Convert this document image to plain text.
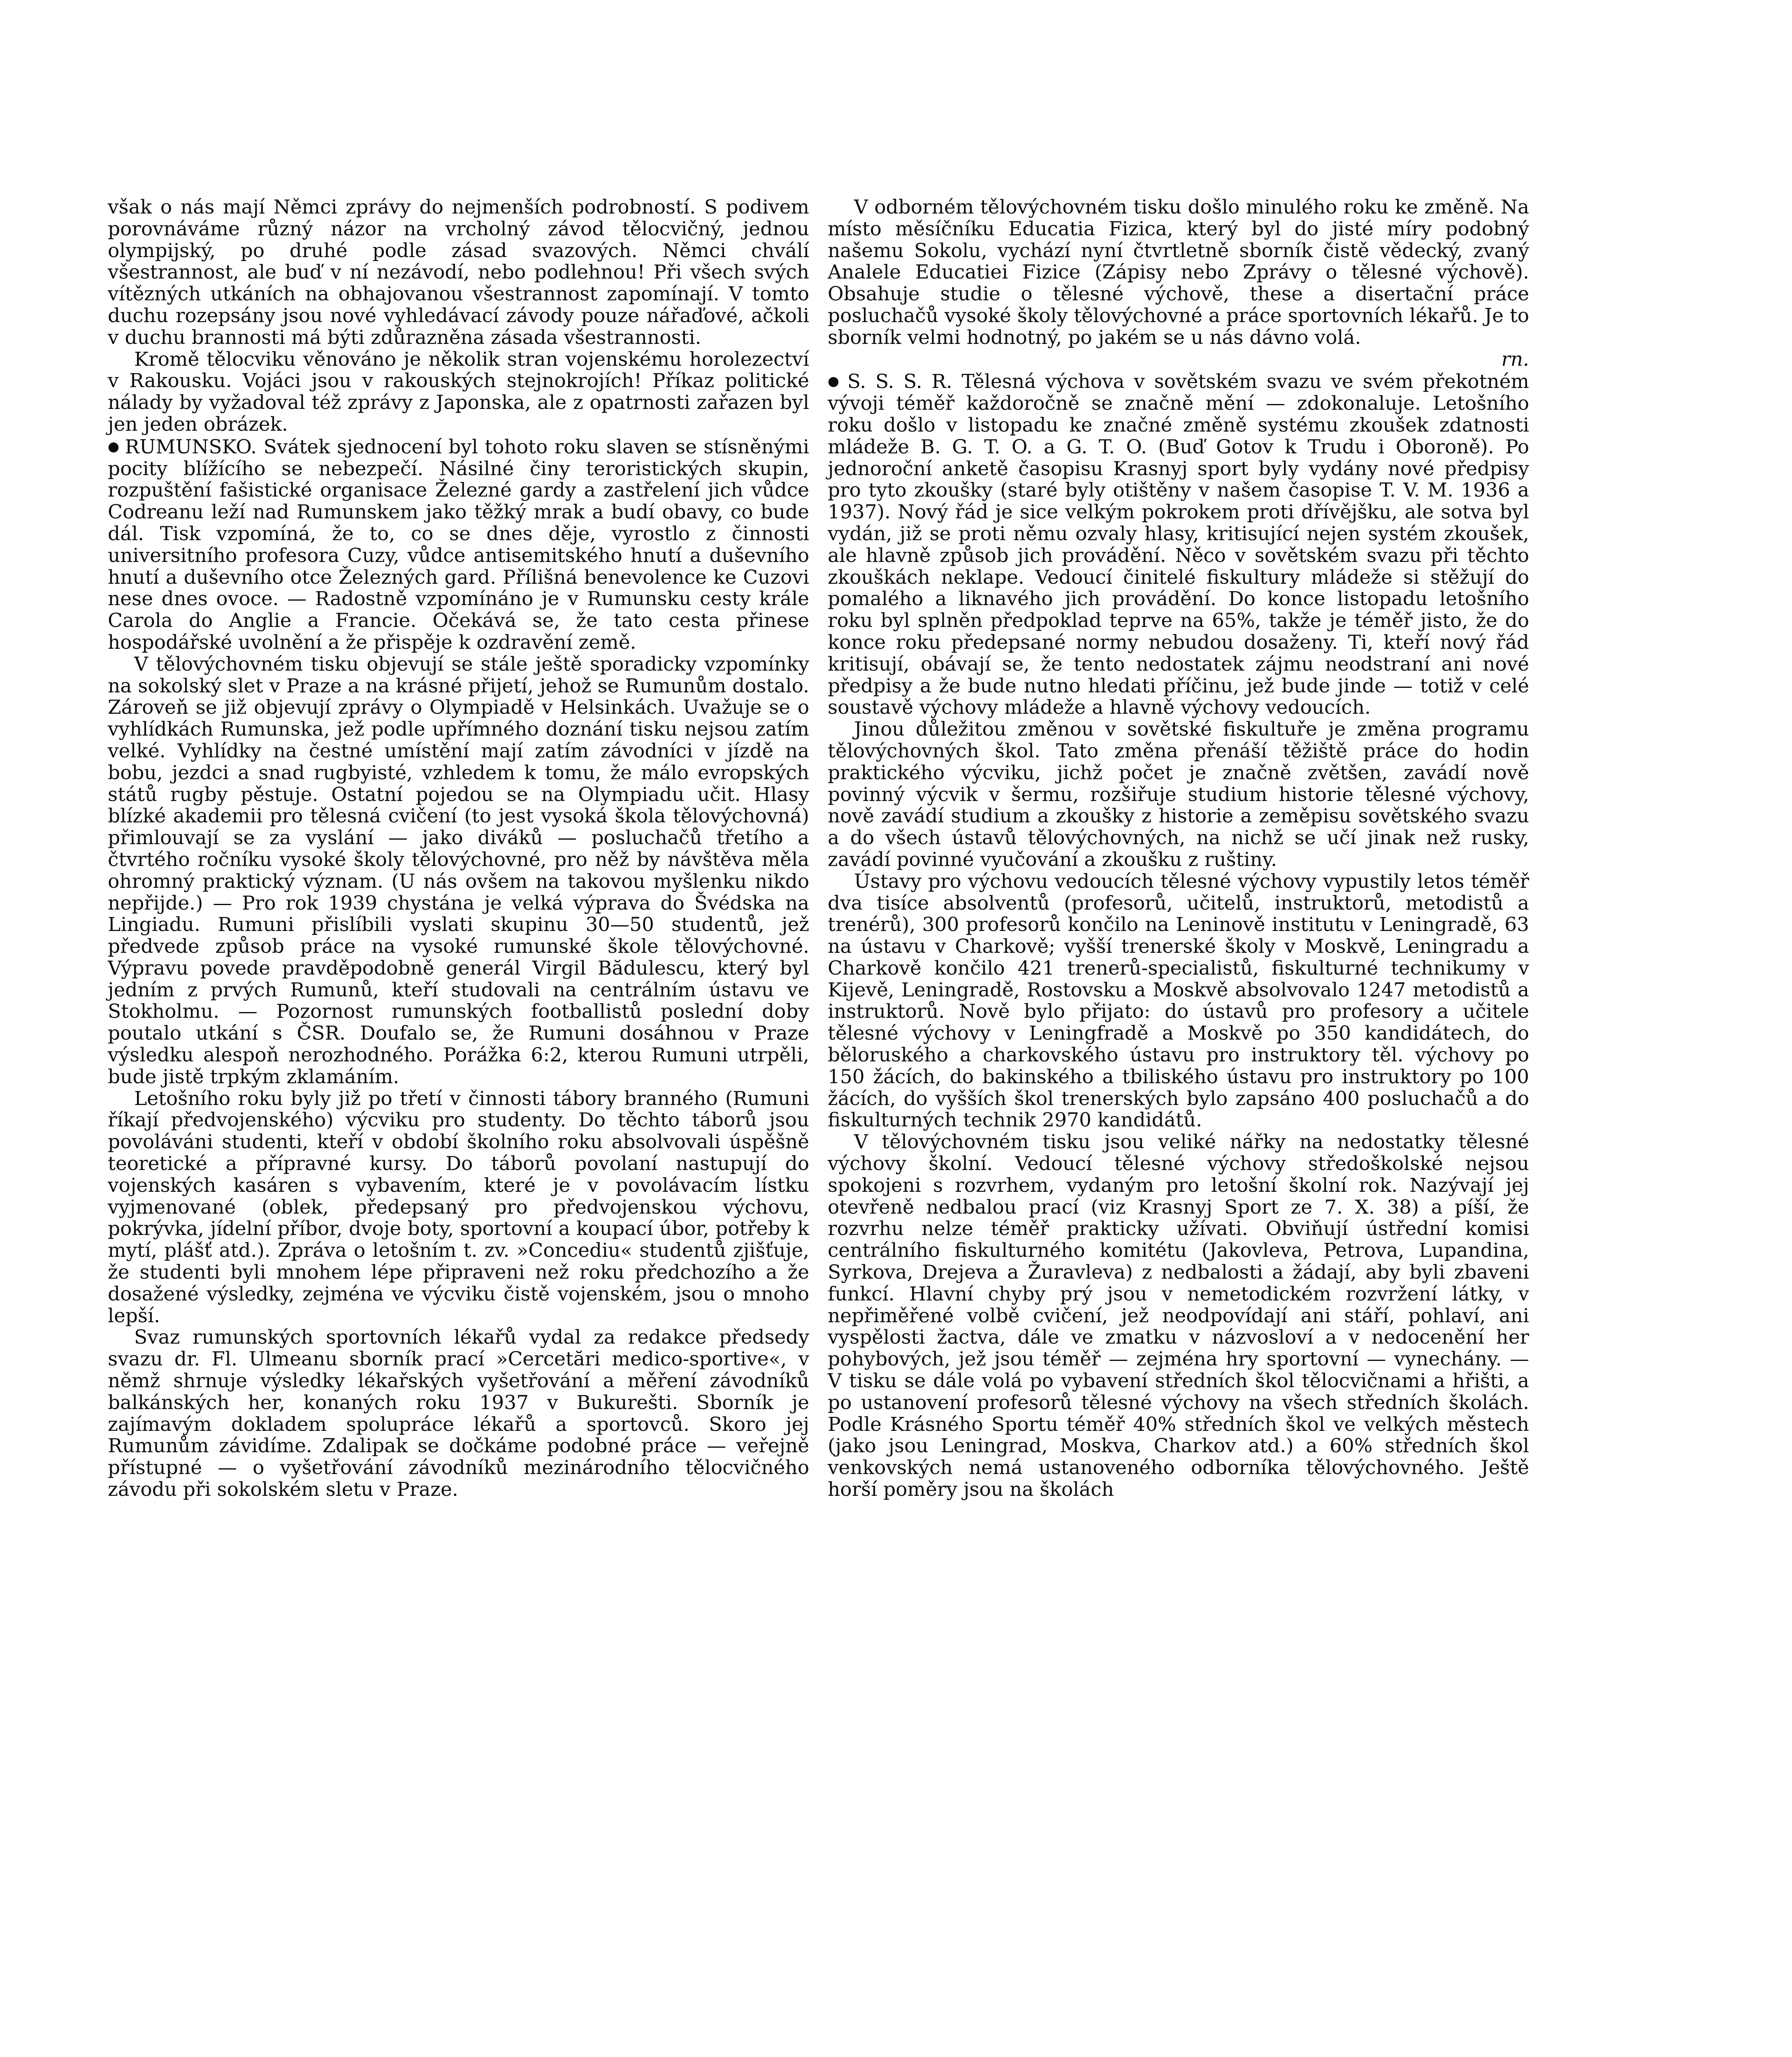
však o nás mají Němci zprávy do nejmenších podrobností. S podivem porovnáváme různý názor na vrcholný závod tělocvičný, jednou olympijský, po druhé podle zásad svazových. Němci chválí všestrannost, ale buď v ní nezávodí, nebo podlehnou! Při všech svých vítězných utkáních na obhajovanou všestrannost zapomínají. V tomto duchu rozepsány jsou nové vyhledávací závody pouze nářaďové, ačkoli v duchu brannosti má býti zdůrazněna zásada všestrannosti.

Kromě tělocviku věnováno je několik stran vojenskému horolezectví v Rakousku. Vojáci jsou v rakouských stejnokrojích! Příkaz politické nálady by vyžadoval též zprávy z Japonska, ale z opatrnosti zařazen byl jen jeden obrázek.

● RUMUNSKO. Svátek sjednocení byl tohoto roku slaven se stísněnými pocity blížícího se nebezpečí. Násilné činy teroristických skupin, rozpuštění fašistické organisace Železné gardy a zastřelení jich vůdce Codreanu leží nad Rumunskem jako těžký mrak a budí obavy, co bude dál. Tisk vzpomíná, že to, co se dnes děje, vyrostlo z činnosti universitního profesora Cuzy, vůdce antisemitského hnutí a duševního hnutí a duševního otce Železných gard. Přílišná benevolence ke Cuzovi nese dnes ovoce. — Radostně vzpomínáno je v Rumunsku cesty krále Carola do Anglie a Francie. Očekává se, že tato cesta přinese hospodářské uvolnění a že přispěje k ozdravění země.

V tělovýchovném tisku objevují se stále ještě sporadicky vzpomínky na sokolský slet v Praze a na krásné přijetí, jehož se Rumunům dostalo. Zároveň se již objevují zprávy o Olympiadě v Helsinkách. Uvažuje se o vyhlídkách Rumunska, jež podle upřímného doznání tisku nejsou zatím velké. Vyhlídky na čestné umístění mají zatím závodníci v jízdě na bobu, jezdci a snad rugbyisté, vzhledem k tomu, že málo evropských států rugby pěstuje. Ostatní pojedou se na Olympiadu učit. Hlasy blízké akademii pro tělesná cvičení (to jest vysoká škola tělovýchovná) přimlouvají se za vyslání — jako diváků — posluchačů třetího a čtvrtého ročníku vysoké školy tělovýchovné, pro něž by návštěva měla ohromný praktický význam. (U nás ovšem na takovou myšlenku nikdo nepřijde.) — Pro rok 1939 chystána je velká výprava do Švédska na Lingiadu. Rumuni přislíbili vyslati skupinu 30—50 studentů, jež předvede způsob práce na vysoké rumunské škole tělovýchovné. Výpravu povede pravděpodobně generál Virgil Bădulescu, který byl jedním z prvých Rumunů, kteří studovali na centrálním ústavu ve Stokholmu. — Pozornost rumunských footballistů poslední doby poutalo utkání s ČSR. Doufalo se, že Rumuni dosáhnou v Praze výsledku alespoň nerozhodného. Porážka 6:2, kterou Rumuni utrpěli, bude jistě trpkým zklamáním.

Letošního roku byly již po třetí v činnosti tábory branného (Rumuni říkají předvojenského) výcviku pro studenty. Do těchto táborů jsou povoláváni studenti, kteří v období školního roku absolvovali úspěšně teoretické a přípravné kursy. Do táborů povolaní nastupují do vojenských kasáren s vybavením, které je v povolávacím lístku vyjmenované (oblek, předepsaný pro předvojenskou výchovu, pokrývka, jídelní příbor, dvoje boty, sportovní a koupací úbor, potřeby k mytí, plášť atd.). Zpráva o letošním t. zv. »Concediu« studentů zjišťuje, že studenti byli mnohem lépe připraveni než roku předchozího a že dosažené výsledky, zejména ve výcviku čistě vojenském, jsou o mnoho lepší.

Svaz rumunských sportovních lékařů vydal za redakce předsedy svazu dr. Fl. Ulmeanu sborník prací »Cercetări medico-sportive«, v němž shrnuje výsledky lékařských vyšetřování a měření závodníků balkánských her, konaných roku 1937 v Bukurešti. Sborník je zajímavým dokladem spolupráce lékařů a sportovců. Skoro jej Rumunům závidíme. Zdalipak se dočkáme podobné práce — veřejně přístupné — o vyšetřování závodníků mezinárodního tělocvičného závodu při sokolském sletu v Praze.

V odborném tělovýchovném tisku došlo minulého roku ke změně. Na místo měsíčníku Educatia Fizica, který byl do jisté míry podobný našemu Sokolu, vychází nyní čtvrtletně sborník čistě vědecký, zvaný Analele Educatiei Fizice (Zápisy nebo Zprávy o tělesné výchově). Obsahuje studie o tělesné výchově, these a disertační práce posluchačů vysoké školy tělovýchovné a práce sportovních lékařů. Je to sborník velmi hodnotný, po jakém se u nás dávno volá.

rn.

● S. S. S. R. Tělesná výchova v sovětském svazu ve svém překotném vývoji téměř každoročně se značně mění — zdokonaluje. Letošního roku došlo v listopadu ke značné změně systému zkoušek zdatnosti mládeže B. G. T. O. a G. T. O. (Buď Gotov k Trudu i Oboroně). Po jednoroční anketě časopisu Krasnyj sport byly vydány nové předpisy pro tyto zkoušky (staré byly otištěny v našem časopise T. V. M. 1936 a 1937). Nový řád je sice velkým pokrokem proti dřívějšku, ale sotva byl vydán, již se proti němu ozvaly hlasy, kritisující nejen systém zkoušek, ale hlavně způsob jich provádění. Něco v sovětském svazu při těchto zkouškách neklape. Vedoucí činitelé fiskultury mládeže si stěžují do pomalého a liknavého jich provádění. Do konce listopadu letošního roku byl splněn předpoklad teprve na 65%, takže je téměř jisto, že do konce roku předepsané normy nebudou dosaženy. Ti, kteří nový řád kritisují, obávají se, že tento nedostatek zájmu neodstraní ani nové předpisy a že bude nutno hledati příčinu, jež bude jinde — totiž v celé soustavě výchovy mládeže a hlavně výchovy vedoucích.

Jinou důležitou změnou v sovětské fiskultuře je změna programu tělovýchovných škol. Tato změna přenáší těžiště práce do hodin praktického výcviku, jichž počet je značně zvětšen, zavádí nově povinný výcvik v šermu, rozšiřuje studium historie tělesné výchovy, nově zavádí studium a zkoušky z historie a zeměpisu sovětského svazu a do všech ústavů tělovýchovných, na nichž se učí jinak než rusky, zavádí povinné vyučování a zkoušku z ruštiny.

Ústavy pro výchovu vedoucích tělesné výchovy vypustily letos téměř dva tisíce absolventů (profesorů, učitelů, instruktorů, metodistů a trenérů), 300 profesorů končilo na Leninově institutu v Leningradě, 63 na ústavu v Charkově; vyšší trenerské školy v Moskvě, Leningradu a Charkově končilo 421 trenerů-specialistů, fiskulturné technikumy v Kijevě, Leningradě, Rostovsku a Moskvě absolvovalo 1247 metodistů a instruktorů. Nově bylo přijato: do ústavů pro profesory a učitele tělesné výchovy v Leningfradě a Moskvě po 350 kandidátech, do běloruského a charkovského ústavu pro instruktory těl. výchovy po 150 žácích, do bakinského a tbiliského ústavu pro instruktory po 100 žácích, do vyšších škol trenerských bylo zapsáno 400 posluchačů a do fiskulturných technik 2970 kandidátů.

V tělovýchovném tisku jsou veliké nářky na nedostatky tělesné výchovy školní. Vedoucí tělesné výchovy středoškolské nejsou spokojeni s rozvrhem, vydaným pro letošní školní rok. Nazývají jej otevřeně nedbalou prací (viz Krasnyj Sport ze 7. X. 38) a píší, že rozvrhu nelze téměř prakticky užívati. Obviňují ústřední komisi centrálního fiskulturného komitétu (Jakovleva, Petrova, Lupandina, Syrkova, Drejeva a Žuravleva) z nedbalosti a žádají, aby byli zbaveni funkcí. Hlavní chyby prý jsou v nemetodickém rozvržení látky, v nepřiměřené volbě cvičení, jež neodpovídají ani stáří, pohlaví, ani vyspělosti žactva, dále ve zmatku v názvosloví a v nedocenění her pohybových, jež jsou téměř — zejména hry sportovní — vynechány. — V tisku se dále volá po vybavení středních škol tělocvičnami a hřišti, a po ustanovení profesorů tělesné výchovy na všech středních školách. Podle Krásného Sportu téměř 40% středních škol ve velkých městech (jako jsou Leningrad, Moskva, Charkov atd.) a 60% středních škol venkovských nemá ustanoveného odborníka tělovýchovného. Ještě horší poměry jsou na školách
